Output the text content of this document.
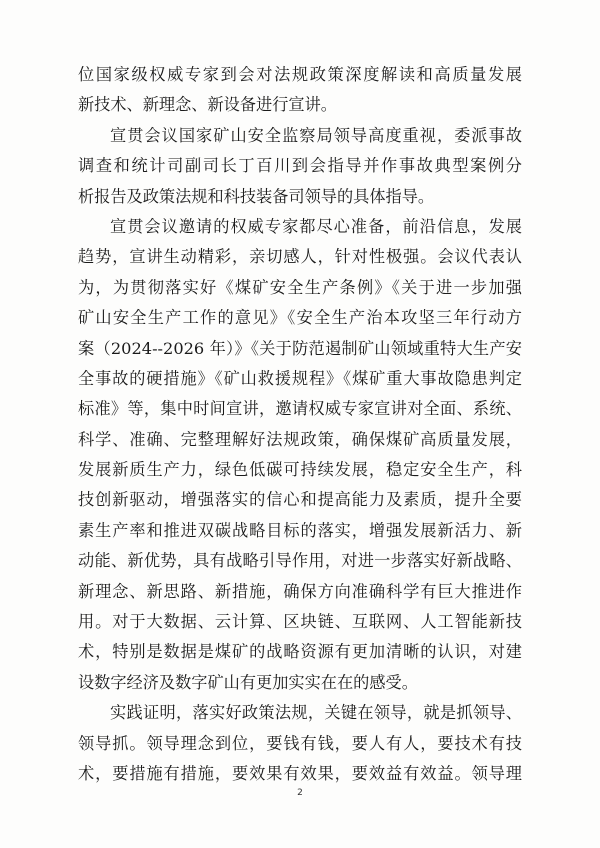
位国家级权威专家到会对法规政策深度解读和高质量发展
新技术、新理念、新设备进行宣讲。
宣贯会议国家矿山安全监察局领导高度重视，委派事故
调查和统计司副司长丁百川到会指导并作事故典型案例分
析报告及政策法规和科技装备司领导的具体指导。
宣贯会议邀请的权威专家都尽心准备，前沿信息，发展
趋势，宣讲生动精彩，亲切感人，针对性极强。会议代表认
为，为贯彻落实好《煤矿安全生产条例》《关于进一步加强
矿山安全生产工作的意见》《安全生产治本攻坚三年行动方
案（2024--2026 年）》《关于防范遏制矿山领域重特大生产安
全事故的硬措施》《矿山救援规程》《煤矿重大事故隐患判定
标准》等，集中时间宣讲，邀请权威专家宣讲对全面、系统、
科学、准确、完整理解好法规政策，确保煤矿高质量发展，
发展新质生产力，绿色低碳可持续发展，稳定安全生产，科
技创新驱动，增强落实的信心和提高能力及素质，提升全要
素生产率和推进双碳战略目标的落实，增强发展新活力、新
动能、新优势，具有战略引导作用，对进一步落实好新战略、
新理念、新思路、新措施，确保方向准确科学有巨大推进作
用。对于大数据、云计算、区块链、互联网、人工智能新技
术，特别是数据是煤矿的战略资源有更加清晰的认识，对建
设数字经济及数字矿山有更加实实在在的感受。
实践证明，落实好政策法规，关键在领导，就是抓领导、
领导抓。领导理念到位，要钱有钱，要人有人，要技术有技
术，要措施有措施，要效果有效果，要效益有效益。领导理
2
